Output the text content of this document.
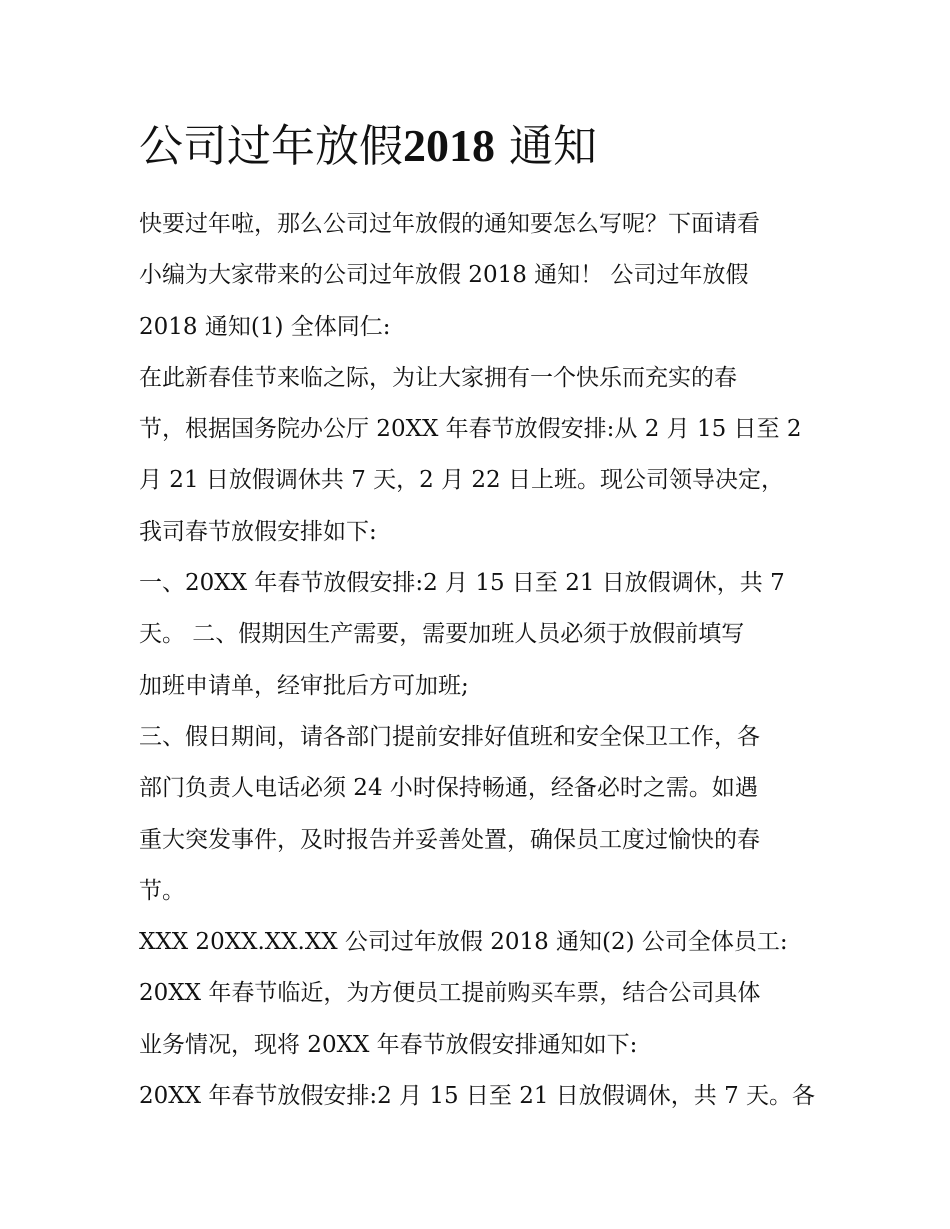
公司过年放假2018 通知
快要过年啦，那么公司过年放假的通知要怎么写呢？下面请看
小编为大家带来的公司过年放假 2018 通知！ 公司过年放假
2018 通知(1) 全体同仁:
在此新春佳节来临之际，为让大家拥有一个快乐而充实的春
节，根据国务院办公厅 20XX 年春节放假安排:从 2 月 15 日至 2
月 21 日放假调休共 7 天，2 月 22 日上班。现公司领导决定，
我司春节放假安排如下:
一、20XX 年春节放假安排:2 月 15 日至 21 日放假调休，共 7
天。 二、假期因生产需要，需要加班人员必须于放假前填写
加班申请单，经审批后方可加班;
三、假日期间，请各部门提前安排好值班和安全保卫工作，各
部门负责人电话必须 24 小时保持畅通，经备必时之需。如遇
重大突发事件，及时报告并妥善处置，确保员工度过愉快的春
节。
XXX 20XX.XX.XX 公司过年放假 2018 通知(2) 公司全体员工:
20XX 年春节临近，为方便员工提前购买车票，结合公司具体
业务情况，现将 20XX 年春节放假安排通知如下:
20XX 年春节放假安排:2 月 15 日至 21 日放假调休，共 7 天。各
